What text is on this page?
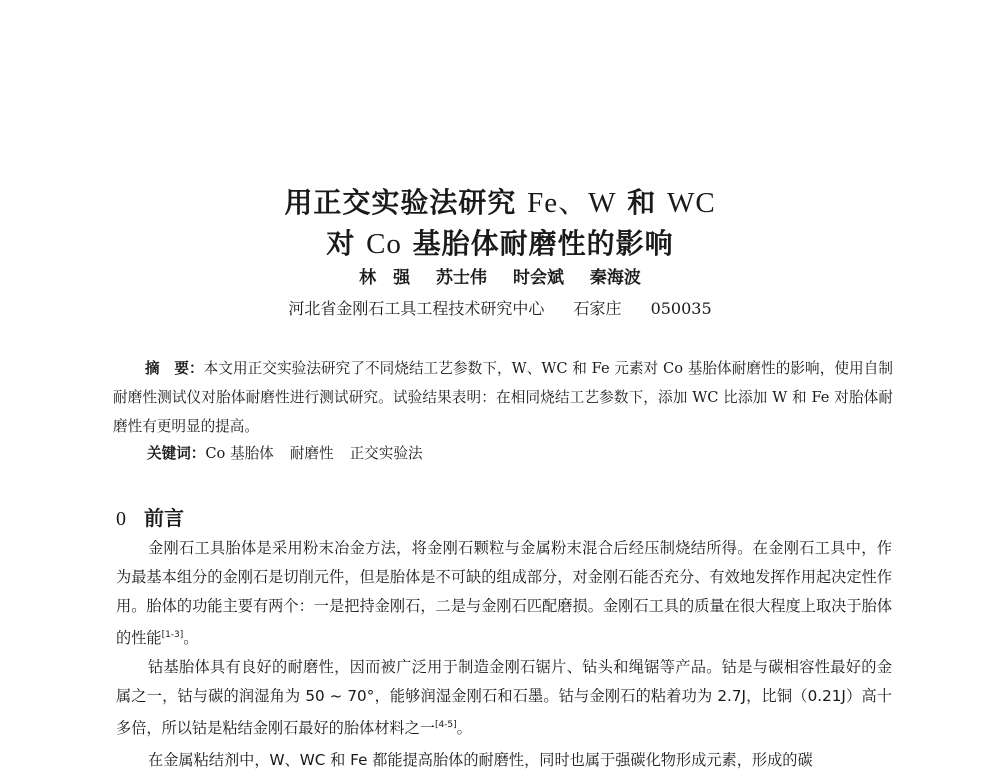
用正交实验法研究 Fe、W 和 WC
对 Co 基胎体耐磨性的影响
林　强 苏士伟 时会斌 秦海波
河北省金刚石工具工程技术研究中心 石家庄 050035
摘　要：本文用正交实验法研究了不同烧结工艺参数下，W、WC 和 Fe 元素对 Co 基胎体耐磨性的影响，使用自制耐磨性测试仪对胎体耐磨性进行测试研究。试验结果表明：在相同烧结工艺参数下，添加 WC 比添加 W 和 Fe 对胎体耐磨性有更明显的提高。
关键词：Co 基胎体 耐磨性 正交实验法
0 前言

金刚石工具胎体是采用粉末冶金方法，将金刚石颗粒与金属粉末混合后经压制烧结所得。在金刚石工具中，作为最基本组分的金刚石是切削元件，但是胎体是不可缺的组成部分，对金刚石能否充分、有效地发挥作用起决定性作用。胎体的功能主要有两个：一是把持金刚石，二是与金刚石匹配磨损。金刚石工具的质量在很大程度上取决于胎体的性能[1-3]。

钴基胎体具有良好的耐磨性，因而被广泛用于制造金刚石锯片、钻头和绳锯等产品。钴是与碳相容性最好的金属之一，钴与碳的润湿角为 50 ~ 70°，能够润湿金刚石和石墨。钴与金刚石的粘着功为 2.7J，比铜（0.21J）高十多倍，所以钴是粘结金刚石最好的胎体材料之一[4-5]。

在金属粘结剂中，W、WC 和 Fe 都能提高胎体的耐磨性，同时也属于强碳化物形成元素，形成的碳
